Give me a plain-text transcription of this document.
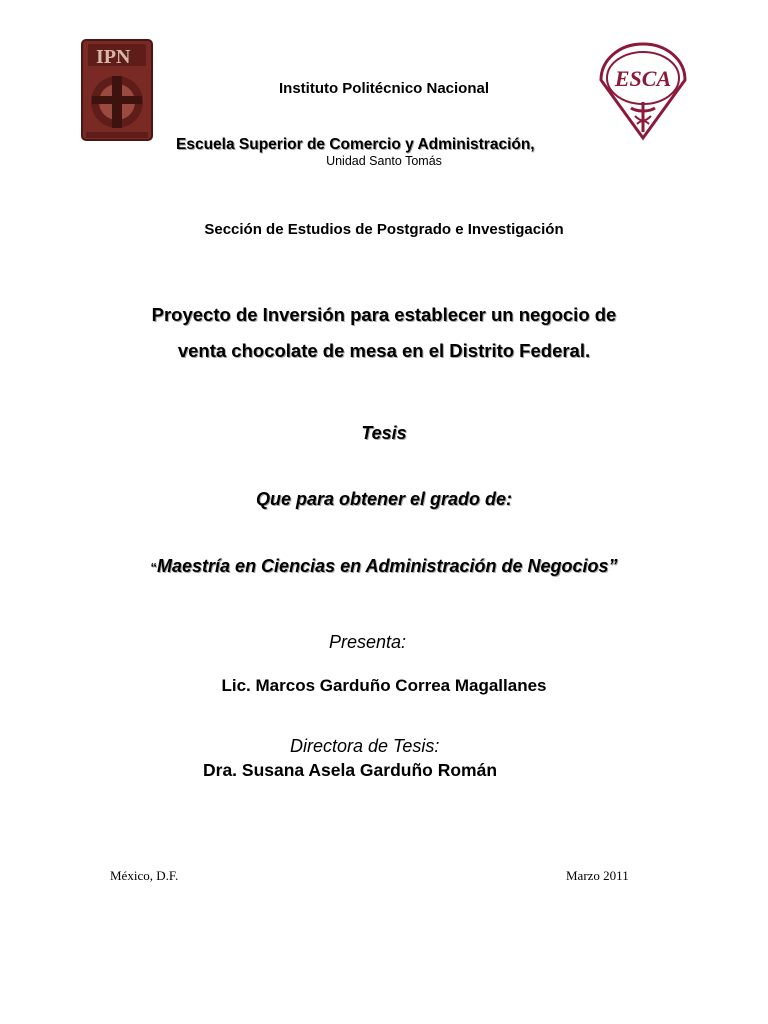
IPN
ESCA
Instituto Politécnico Nacional
Escuela Superior de Comercio y Administración,
Unidad Santo Tomás
Sección de Estudios de Postgrado e Investigación
Proyecto de Inversión para establecer un negocio de
venta chocolate de mesa en el Distrito Federal.
Tesis
Que para obtener el grado de:
“Maestría en Ciencias en Administración de Negocios”
Presenta:
Lic. Marcos Garduño Correa Magallanes
Directora de Tesis:
Dra. Susana Asela Garduño Román
México, D.F.	Marzo 2011
